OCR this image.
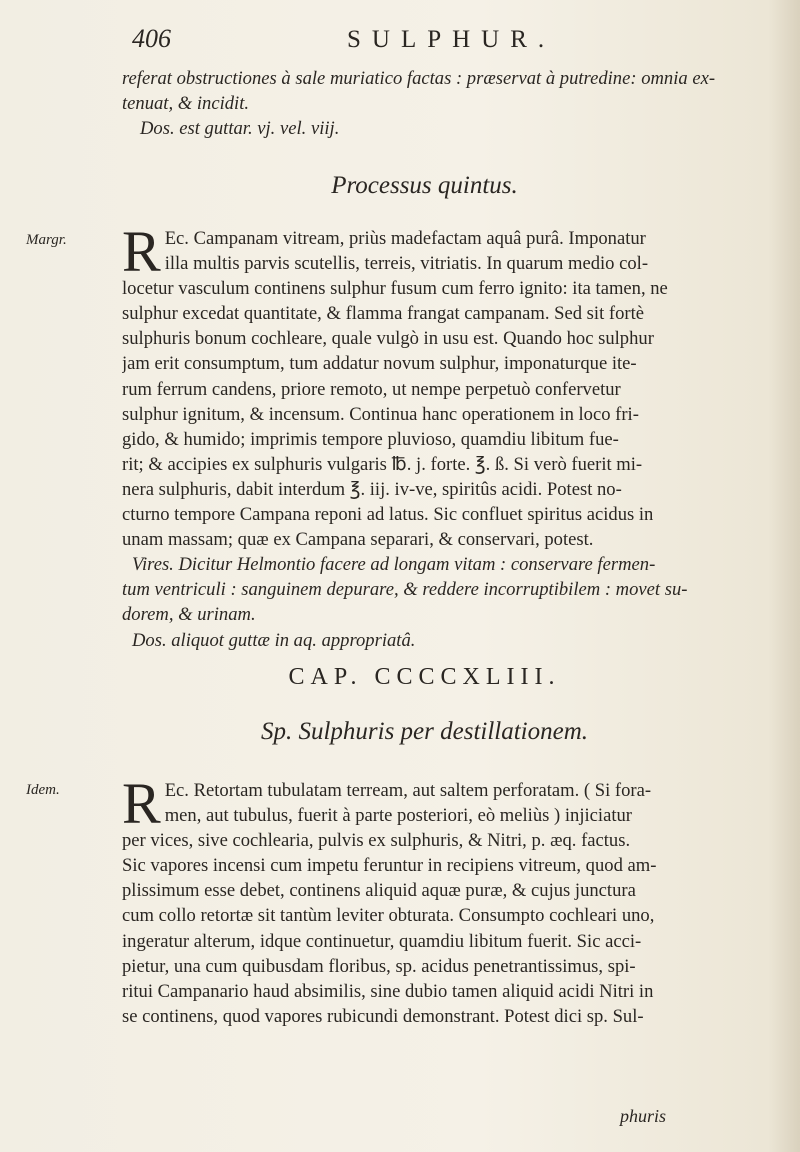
406	SULPHUR.
referat obstructiones à sale muriatico factas : præservat à putredine: omnia ex-
tenuat, & incidit.
Dos. est guttar. vj. vel. viij.
Processus quintus.
Margr. R Ec. Campanam vitream, priùs madefactam aquâ purâ. Imponatur
illa multis parvis scutellis, terreis, vitriatis. In quarum medio col-
locetur vasculum continens sulphur fusum cum ferro ignito: ita tamen, ne
sulphur excedat quantitate, & flamma frangat campanam. Sed sit fortè
sulphuris bonum cochleare, quale vulgò in usu est. Quando hoc sulphur
jam erit consumptum, tum addatur novum sulphur, imponaturque ite-
rum ferrum candens, priore remoto, ut nempe perpetuò confervetur
sulphur ignitum, & incensum. Continua hanc operationem in loco fri-
gido, & humido; imprimis tempore pluvioso, quamdiu libitum fue-
rit; & accipies ex sulphuris vulgaris ℔. j. forte. ℥. ß. Si verò fuerit mi-
nera sulphuris, dabit interdum ℥. iij. iv-ve, spiritûs acidi. Potest no-
cturno tempore Campana reponi ad latus. Sic confluet spiritus acidus in
unam massam; quæ ex Campana separari, & conservari, potest.
Vires. Dicitur Helmontio facere ad longam vitam : conservare fermen-
tum ventriculi : sanguinem depurare, & reddere incorruptibilem : movet su-
dorem, & urinam.
Dos. aliquot guttæ in aq. appropriatâ.
CAP. CCCCXLIII.
Sp. Sulphuris per destillationem.
Idem. R Ec. Retortam tubulatam terream, aut saltem perforatam. ( Si fora-
men, aut tubulus, fuerit à parte posteriori, eò meliùs ) injiciatur
per vices, sive cochlearia, pulvis ex sulphuris, & Nitri, p. æq. factus.
Sic vapores incensi cum impetu feruntur in recipiens vitreum, quod am-
plissimum esse debet, continens aliquid aquæ puræ, & cujus junctura
cum collo retortæ sit tantùm leviter obturata. Consumpto cochleari uno,
ingeratur alterum, idque continuetur, quamdiu libitum fuerit. Sic acci-
pietur, una cum quibusdam floribus, sp. acidus penetrantissimus, spi-
ritui Campanario haud absimilis, sine dubio tamen aliquid acidi Nitri in
se continens, quod vapores rubicundi demonstrant. Potest dici sp. Sul-
phuris
